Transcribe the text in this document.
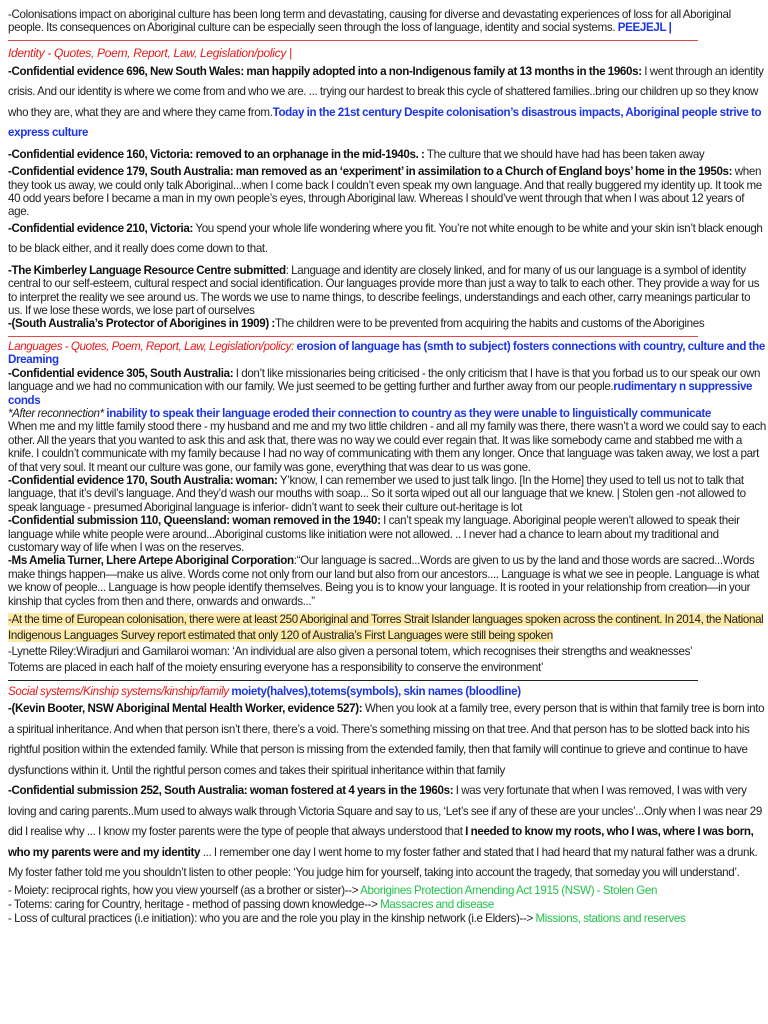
-Colonisations impact on aboriginal culture has been long term and devastating, causing for diverse and devastating experiences of loss for all Aboriginal people. Its consequences on Aboriginal culture can be especially seen through the loss of language, identity and social systems. PEEJEJL |

Identity - Quotes, Poem, Report, Law, Legislation/policy |

-Confidential evidence 696, New South Wales: man happily adopted into a non-Indigenous family at 13 months in the 1960s: I went through an identity crisis. And our identity is where we come from and who we are. ... trying our hardest to break this cycle of shattered families..bring our children up so they know who they are, what they are and where they came from.Today in the 21st century Despite colonisation’s disastrous impacts, Aboriginal people strive to express culture

-Confidential evidence 160, Victoria: removed to an orphanage in the mid-1940s. : The culture that we should have had has been taken away

-Confidential evidence 179, South Australia: man removed as an ‘experiment’ in assimilation to a Church of England boys’ home in the 1950s: when they took us away, we could only talk Aboriginal...when I come back I couldn’t even speak my own language. And that really buggered my identity up. It took me 40 odd years before I became a man in my own people’s eyes, through Aboriginal law. Whereas I should’ve went through that when I was about 12 years of age.

-Confidential evidence 210, Victoria: You spend your whole life wondering where you fit. You’re not white enough to be white and your skin isn’t black enough to be black either, and it really does come down to that.

-The Kimberley Language Resource Centre submitted: Language and identity are closely linked, and for many of us our language is a symbol of identity central to our self-esteem, cultural respect and social identification. Our languages provide more than just a way to talk to each other. They provide a way for us to interpret the reality we see around us. The words we use to name things, to describe feelings, understandings and each other, carry meanings particular to us. If we lose these words, we lose part of ourselves

-(South Australia’s Protector of Aborigines in 1909) :The children were to be prevented from acquiring the habits and customs of the Aborigines

Languages - Quotes, Poem, Report, Law, Legislation/policy: erosion of language has (smth to subject) fosters connections with country, culture and the Dreaming

-Confidential evidence 305, South Australia: I don’t like missionaries being criticised - the only criticism that I have is that you forbad us to our speak our own language and we had no communication with our family. We just seemed to be getting further and further away from our people.rudimentary n suppressive conds

*After reconnection* inability to speak their language eroded their connection to country as they were unable to linguistically communicate
When me and my little family stood there - my husband and me and my two little children - and all my family was there, there wasn’t a word we could say to each other. All the years that you wanted to ask this and ask that, there was no way we could ever regain that. It was like somebody came and stabbed me with a knife. I couldn’t communicate with my family because I had no way of communicating with them any longer. Once that language was taken away, we lost a part of that very soul. It meant our culture was gone, our family was gone, everything that was dear to us was gone.

-Confidential evidence 170, South Australia: woman: Y’know, I can remember we used to just talk lingo. [In the Home] they used to tell us not to talk that language, that it’s devil’s language. And they’d wash our mouths with soap... So it sorta wiped out all our language that we knew. | Stolen gen -not allowed to speak language - presumed Aboriginal language is inferior- didn’t want to seek their culture out-heritage is lot

-Confidential submission 110, Queensland: woman removed in the 1940: I can’t speak my language. Aboriginal people weren’t allowed to speak their language while white people were around...Aboriginal customs like initiation were not allowed. .. I never had a chance to learn about my traditional and customary way of life when I was on the reserves.

-Ms Amelia Turner, Lhere Artepe Aboriginal Corporation:“Our language is sacred...Words are given to us by the land and those words are sacred...Words make things happen—make us alive. Words come not only from our land but also from our ancestors.... Language is what we see in people. Language is what we know of people... Language is how people identify themselves. Being you is to know your language. It is rooted in your relationship from creation—in your kinship that cycles from then and there, onwards and onwards...”

-At the time of European colonisation, there were at least 250 Aboriginal and Torres Strait Islander languages spoken across the continent. In 2014, the National Indigenous Languages Survey report estimated that only 120 of Australia’s First Languages were still being spoken

-Lynette Riley:Wiradjuri and Gamilaroi woman: ‘An individual are also given a personal totem, which recognises their strengths and weaknesses’

Totems are placed in each half of the moiety ensuring everyone has a responsibility to conserve the environment’

Social systems/Kinship systems/kinship/family moiety(halves),totems(symbols), skin names (bloodline)

-(Kevin Booter, NSW Aboriginal Mental Health Worker, evidence 527): When you look at a family tree, every person that is within that family tree is born into a spiritual inheritance. And when that person isn’t there, there’s a void. There’s something missing on that tree. And that person has to be slotted back into his rightful position within the extended family. While that person is missing from the extended family, then that family will continue to grieve and continue to have dysfunctions within it. Until the rightful person comes and takes their spiritual inheritance within that family

-Confidential submission 252, South Australia: woman fostered at 4 years in the 1960s: I was very fortunate that when I was removed, I was with very loving and caring parents..Mum used to always walk through Victoria Square and say to us, ‘Let’s see if any of these are your uncles’...Only when I was near 29 did I realise why ... I know my foster parents were the type of people that always understood that I needed to know my roots, who I was, where I was born, who my parents were and my identity ... I remember one day I went home to my foster father and stated that I had heard that my natural father was a drunk. My foster father told me you shouldn’t listen to other people: ‘You judge him for yourself, taking into account the tragedy, that someday you will understand’.

- Moiety: reciprocal rights, how you view yourself (as a brother or sister)--> Aborigines Protection Amending Act 1915 (NSW) - Stolen Gen

- Totems: caring for Country, heritage - method of passing down knowledge--> Massacres and disease

- Loss of cultural practices (i.e initiation): who you are and the role you play in the kinship network (i.e Elders)--> Missions, stations and reserves
